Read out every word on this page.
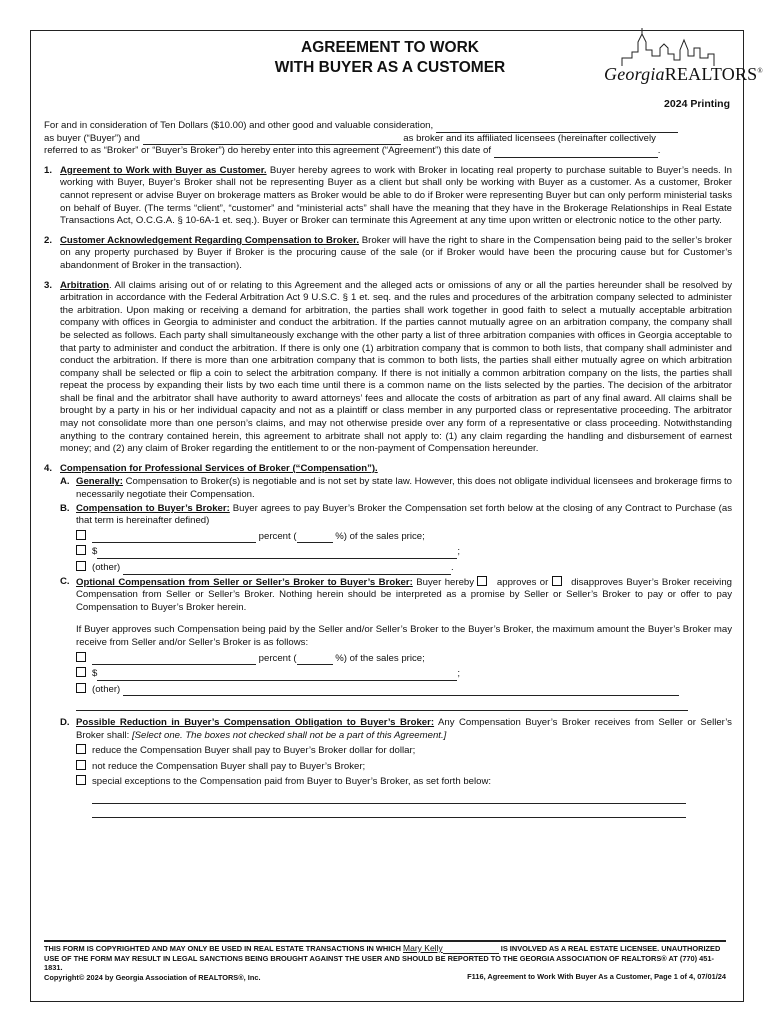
AGREEMENT TO WORK
WITH BUYER AS A CUSTOMER	GeorgiaREALTORS®
2024 Printing

For and in consideration of Ten Dollars ($10.00) and other good and valuable consideration,
as buyer (“Buyer”) and	as broker and its affiliated licensees (hereinafter collectively
referred to as “Broker” or “Buyer’s Broker”) do hereby enter into this agreement (“Agreement”) this date of	.

1. Agreement to Work with Buyer as Customer. Buyer hereby agrees to work with Broker in locating real property to purchase suitable to Buyer’s needs. In working with Buyer, Buyer’s Broker shall not be representing Buyer as a client but shall only be working with Buyer as a customer. As a customer, Broker cannot represent or advise Buyer on brokerage matters as Broker would be able to do if Broker were representing Buyer but can only perform ministerial tasks on behalf of Buyer. (The terms “client”, “customer” and “ministerial acts” shall have the meaning that they have in the Brokerage Relationships in Real Estate Transactions Act, O.C.G.A. § 10-6A-1 et. seq.). Buyer or Broker can terminate this Agreement at any time upon written or electronic notice to the other party.
2. Customer Acknowledgement Regarding Compensation to Broker. Broker will have the right to share in the Compensation being paid to the seller’s broker on any property purchased by Buyer if Broker is the procuring cause of the sale (or if Broker would have been the procuring cause but for Customer’s abandonment of Broker in the transaction).
3. Arbitration. All claims arising out of or relating to this Agreement and the alleged acts or omissions of any or all the parties hereunder shall be resolved by arbitration in accordance with the Federal Arbitration Act 9 U.S.C. § 1 et. seq. and the rules and procedures of the arbitration company selected to administer the arbitration. Upon making or receiving a demand for arbitration, the parties shall work together in good faith to select a mutually acceptable arbitration company with offices in Georgia to administer and conduct the arbitration. If the parties cannot mutually agree on an arbitration company, the company shall be selected as follows. Each party shall simultaneously exchange with the other party a list of three arbitration companies with offices in Georgia acceptable to that party to administer and conduct the arbitration. If there is only one (1) arbitration company that is common to both lists, that company shall administer and conduct the arbitration. If there is more than one arbitration company that is common to both lists, the parties shall either mutually agree on which arbitration company shall be selected or flip a coin to select the arbitration company. If there is not initially a common arbitration company on the lists, the parties shall repeat the process by expanding their lists by two each time until there is a common name on the lists selected by the parties. The decision of the arbitrator shall be final and the arbitrator shall have authority to award attorneys’ fees and allocate the costs of arbitration as part of any final award. All claims shall be brought by a party in his or her individual capacity and not as a plaintiff or class member in any purported class or representative proceeding. The arbitrator may not consolidate more than one person’s claims, and may not otherwise preside over any form of a representative or class proceeding. Notwithstanding anything to the contrary contained herein, this agreement to arbitrate shall not apply to: (1) any claim regarding the handling and disbursement of earnest money; and (2) any claim of Broker regarding the entitlement to or the non-payment of Compensation hereunder.
4. Compensation for Professional Services of Broker (“Compensation”).
A. Generally: Compensation to Broker(s) is negotiable and is not set by state law. However, this does not obligate individual licensees and brokerage firms to necessarily negotiate their Compensation.
B. Compensation to Buyer’s Broker: Buyer agrees to pay Buyer’s Broker the Compensation set forth below at the closing of any Contract to Purchase (as that term is hereinafter defined)
percent (	%) of the sales price;
$	;
(other)	.
C. Optional Compensation from Seller or Seller’s Broker to Buyer’s Broker: Buyer hereby  approves or  disapproves Buyer’s Broker receiving Compensation from Seller or Seller’s Broker. Nothing herein should be interpreted as a promise by Seller or Seller’s Broker to pay or offer to pay Compensation to Buyer’s Broker herein.
If Buyer approves such Compensation being paid by the Seller and/or Seller’s Broker to the Buyer’s Broker, the maximum amount the Buyer’s Broker may receive from Seller and/or Seller’s Broker is as follows:
percent (	%) of the sales price;
$	;
(other)
D. Possible Reduction in Buyer’s Compensation Obligation to Buyer’s Broker: Any Compensation Buyer’s Broker receives from Seller or Seller’s Broker shall: [Select one. The boxes not checked shall not be a part of this Agreement.]
reduce the Compensation Buyer shall pay to Buyer’s Broker dollar for dollar;
not reduce the Compensation Buyer shall pay to Buyer’s Broker;
special exceptions to the Compensation paid from Buyer to Buyer’s Broker, as set forth below:
THIS FORM IS COPYRIGHTED AND MAY ONLY BE USED IN REAL ESTATE TRANSACTIONS IN WHICH Mary Kelly	IS INVOLVED AS A REAL ESTATE LICENSEE. UNAUTHORIZED USE OF THE FORM MAY RESULT IN LEGAL SANCTIONS BEING BROUGHT AGAINST THE USER AND SHOULD BE REPORTED TO THE GEORGIA ASSOCIATION OF REALTORS® AT (770) 451-1831.
Copyright© 2024 by Georgia Association of REALTORS®, Inc.	F116, Agreement to Work With Buyer As a Customer, Page 1 of 4, 07/01/24
